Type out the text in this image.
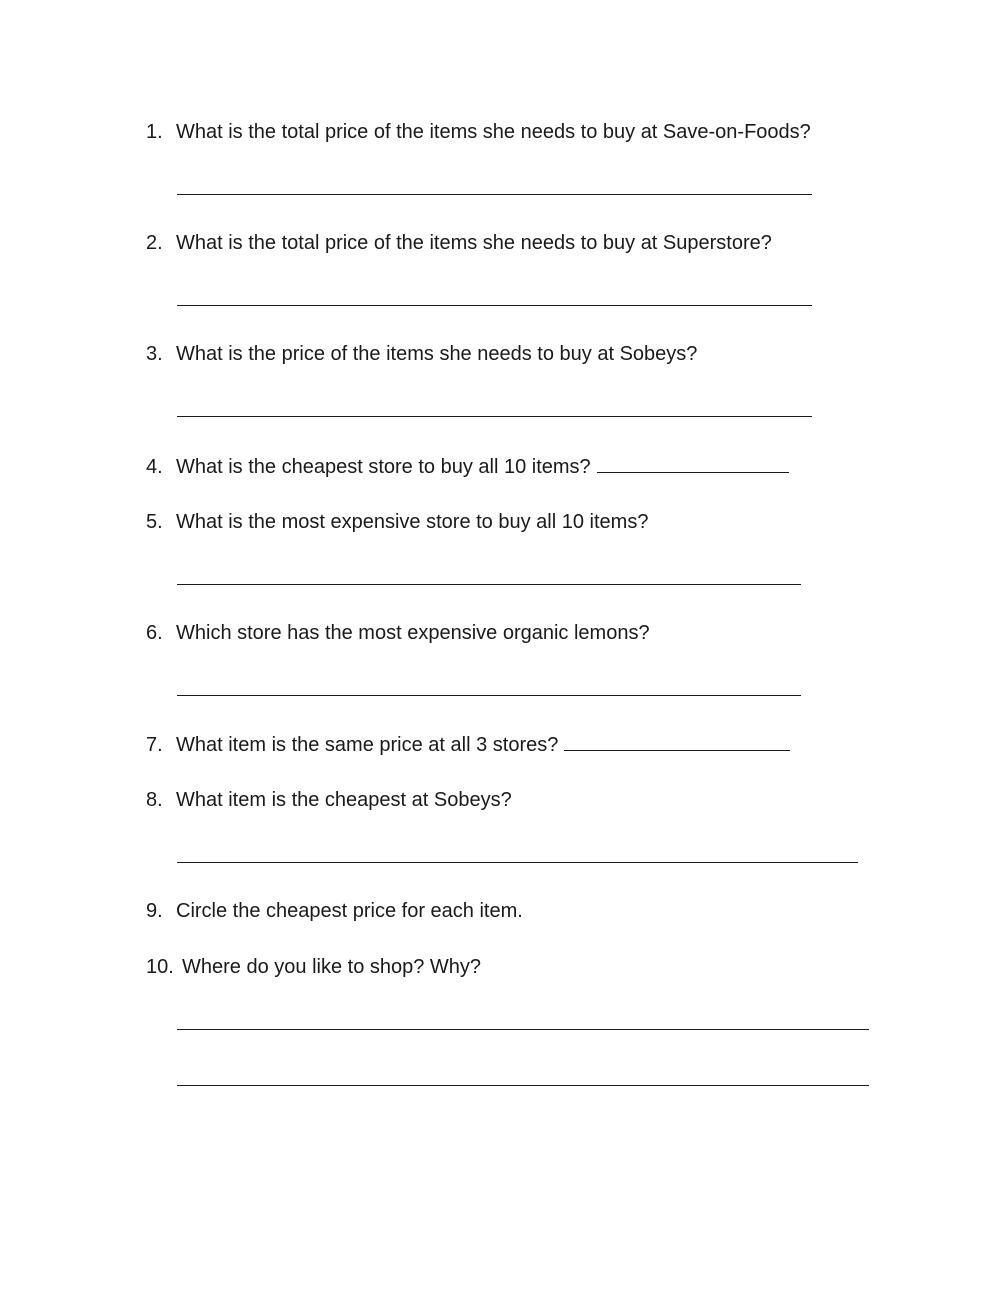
1. What is the total price of the items she needs to buy at Save-on-Foods?
2. What is the total price of the items she needs to buy at Superstore?
3. What is the price of the items she needs to buy at Sobeys?
4. What is the cheapest store to buy all 10 items?
5. What is the most expensive store to buy all 10 items?
6. Which store has the most expensive organic lemons?
7. What item is the same price at all 3 stores?
8. What item is the cheapest at Sobeys?
9. Circle the cheapest price for each item.
10. Where do you like to shop? Why?
